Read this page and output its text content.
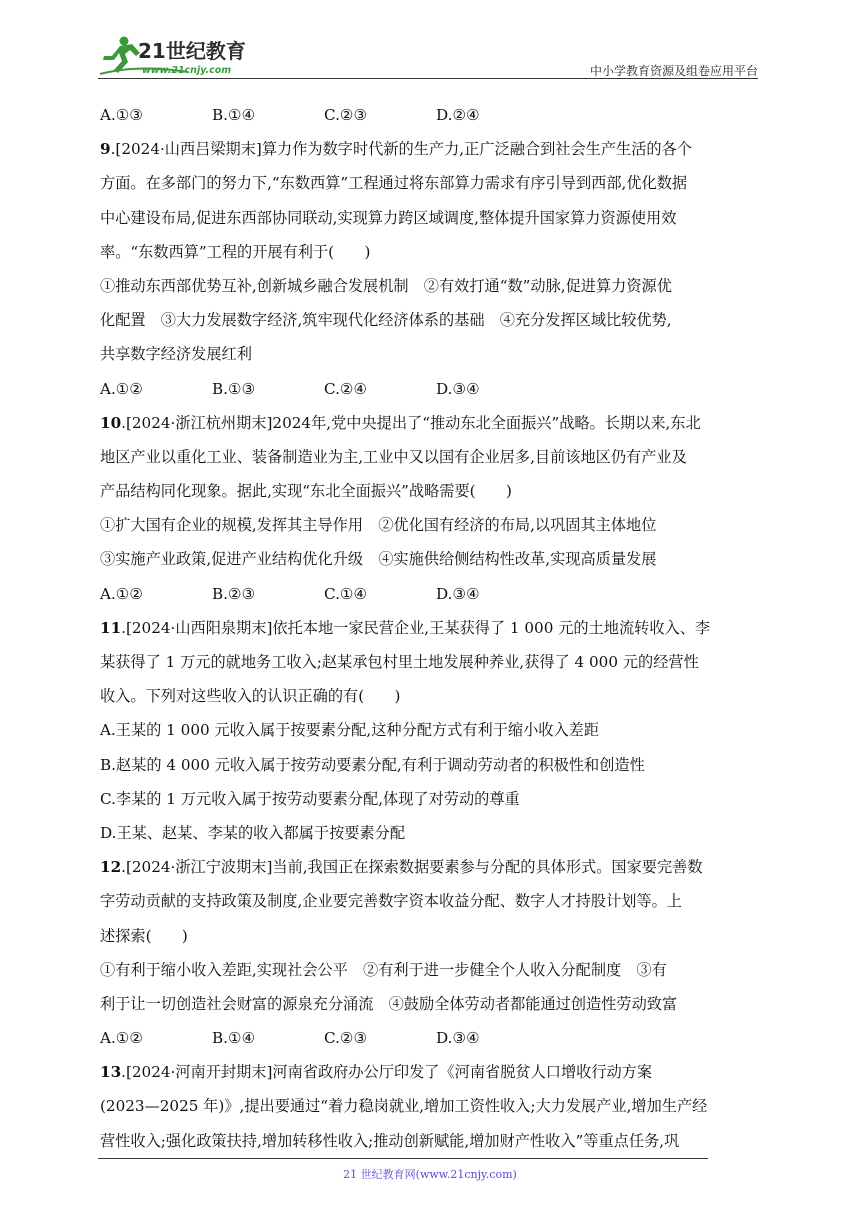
21世纪教育
www.21cnjy.com	中小学教育资源及组卷应用平台
A.①③	B.①④	C.②③	D.②④
9.[2024·山西吕梁期末]算力作为数字时代新的生产力,正广泛融合到社会生产生活的各个
方面。在多部门的努力下,“东数西算”工程通过将东部算力需求有序引导到西部,优化数据
中心建设布局,促进东西部协同联动,实现算力跨区域调度,整体提升国家算力资源使用效
率。“东数西算”工程的开展有利于(　　)
①推动东西部优势互补,创新城乡融合发展机制　②有效打通“数”动脉,促进算力资源优
化配置　③大力发展数字经济,筑牢现代化经济体系的基础　④充分发挥区域比较优势,
共享数字经济发展红利
A.①②	B.①③	C.②④	D.③④
10.[2024·浙江杭州期末]2024年,党中央提出了“推动东北全面振兴”战略。长期以来,东北
地区产业以重化工业、装备制造业为主,工业中又以国有企业居多,目前该地区仍有产业及
产品结构同化现象。据此,实现“东北全面振兴”战略需要(　　)
①扩大国有企业的规模,发挥其主导作用　②优化国有经济的布局,以巩固其主体地位
③实施产业政策,促进产业结构优化升级　④实施供给侧结构性改革,实现高质量发展
A.①②	B.②③	C.①④	D.③④
11.[2024·山西阳泉期末]依托本地一家民营企业,王某获得了 1 000 元的土地流转收入、李
某获得了 1 万元的就地务工收入;赵某承包村里土地发展种养业,获得了 4 000 元的经营性
收入。下列对这些收入的认识正确的有(　　)
A.王某的 1 000 元收入属于按要素分配,这种分配方式有利于缩小收入差距
B.赵某的 4 000 元收入属于按劳动要素分配,有利于调动劳动者的积极性和创造性
C.李某的 1 万元收入属于按劳动要素分配,体现了对劳动的尊重
D.王某、赵某、李某的收入都属于按要素分配
12.[2024·浙江宁波期末]当前,我国正在探索数据要素参与分配的具体形式。国家要完善数
字劳动贡献的支持政策及制度,企业要完善数字资本收益分配、数字人才持股计划等。上
述探索(　　)
①有利于缩小收入差距,实现社会公平　②有利于进一步健全个人收入分配制度　③有
利于让一切创造社会财富的源泉充分涌流　④鼓励全体劳动者都能通过创造性劳动致富
A.①②	B.①④	C.②③	D.③④
13.[2024·河南开封期末]河南省政府办公厅印发了《河南省脱贫人口增收行动方案
(2023—2025 年)》,提出要通过“着力稳岗就业,增加工资性收入;大力发展产业,增加生产经
营性收入;强化政策扶持,增加转移性收入;推动创新赋能,增加财产性收入”等重点任务,巩
21 世纪教育网(www.21cnjy.com)
